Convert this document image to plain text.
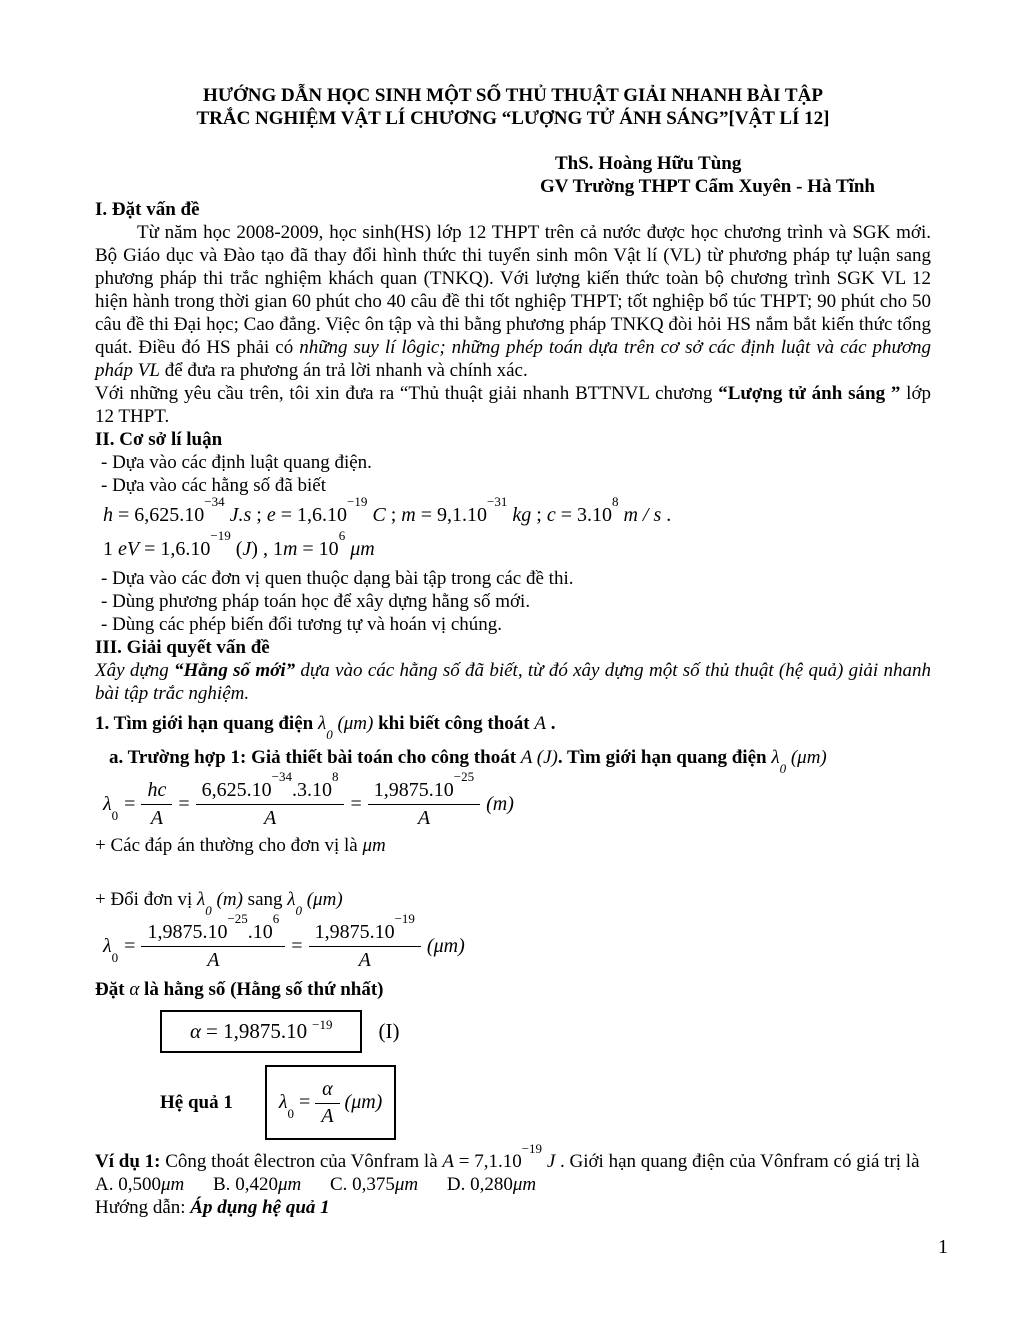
HƯỚNG DẪN HỌC SINH MỘT SỐ THỦ THUẬT GIẢI NHANH BÀI TẬP
TRẮC NGHIỆM VẬT LÍ CHƯƠNG “LƯỢNG TỬ ÁNH SÁNG”[VẬT LÍ 12]
ThS. Hoàng Hữu Tùng
GV Trường THPT Cẩm Xuyên - Hà Tĩnh
I. Đặt vấn đề
Từ năm học 2008-2009, học sinh(HS) lớp 12 THPT trên cả nước được học chương trình và SGK mới. Bộ Giáo dục và Đào tạo đã thay đổi hình thức thi tuyển sinh môn Vật lí (VL) từ phương pháp tự luận sang phương pháp thi trắc nghiệm khách quan (TNKQ). Với lượng kiến thức toàn bộ chương trình SGK VL 12 hiện hành trong thời gian 60 phút cho 40 câu đề thi tốt nghiệp THPT; tốt nghiệp bổ túc THPT; 90 phút cho 50 câu đề thi Đại học; Cao đẳng. Việc ôn tập và thi bằng phương pháp TNKQ đòi hỏi HS nắm bắt kiến thức tổng quát. Điều đó HS phải có những suy lí lôgic; những phép toán dựa trên cơ sở các định luật và các phương pháp VL để đưa ra phương án trả lời nhanh và chính xác.
Với những yêu cầu trên, tôi xin đưa ra “Thủ thuật giải nhanh BTTNVL chương “Lượng tử ánh sáng ” lớp 12 THPT.
II. Cơ sở lí luận
- Dựa vào các định luật quang điện.
- Dựa vào các hằng số đã biết
$h = 6,625.10^{-34}$ J.s ; $e = 1,6.10^{-19}$ C ; $m = 9,1.10^{-31}$ kg ; $c = 3.10^8$ m / s .
1 eV = $1,6.10^{-19}$ (J) , $1m = 10^6$ μm
- Dựa vào các đơn vị quen thuộc dạng bài tập trong các đề thi.
- Dùng phương pháp toán học để xây dựng hằng số mới.
- Dùng các phép biến đổi tương tự và hoán vị chúng.
III. Giải quyết vấn đề
Xây dựng “Hằng số mới” dựa vào các hằng số đã biết, từ đó xây dựng một số thủ thuật (hệ quả) giải nhanh bài tập trắc nghiệm.
1. Tìm giới hạn quang điện $\lambda_0$ (μm) khi biết công thoát A .
a. Trường hợp 1: Giả thiết bài toán cho công thoát A (J). Tìm giới hạn quang điện $\lambda_0$ (μm)
$\lambda_0$
= $\frac{hc}{A} = \frac{6,625.10^{-34}.3.10^8}{A} = \frac{1,9875.10^{-25}}{A} (m)$
+ Các đáp án thường cho đơn vị là μm
+ Đổi đơn vị $\lambda_0$ (m) sang $\lambda_0$ (μm)
$\lambda_0$
= $\frac{1,9875.10^{-25}.10^6}{A} = \frac{1,9875.10^{-19}}{A} (\mu m)$
Đặt α là hằng số (Hằng số thứ nhất)
α = 1,9875.10 $^{-19}$ (I)
Hệ quả 1 $\lambda_0$
= $\frac{\alpha}{A} (\mu m)$
Ví dụ 1: Công thoát êlectron của Vônfram là $A = 7,1.10^{-19}$ J . Giới hạn quang điện của Vônfram có giá trị là
A. 0,500μm B. 0,420μm C. 0,375μm D. 0,280μm
Hướng dẫn: Áp dụng hệ quả 1
1
